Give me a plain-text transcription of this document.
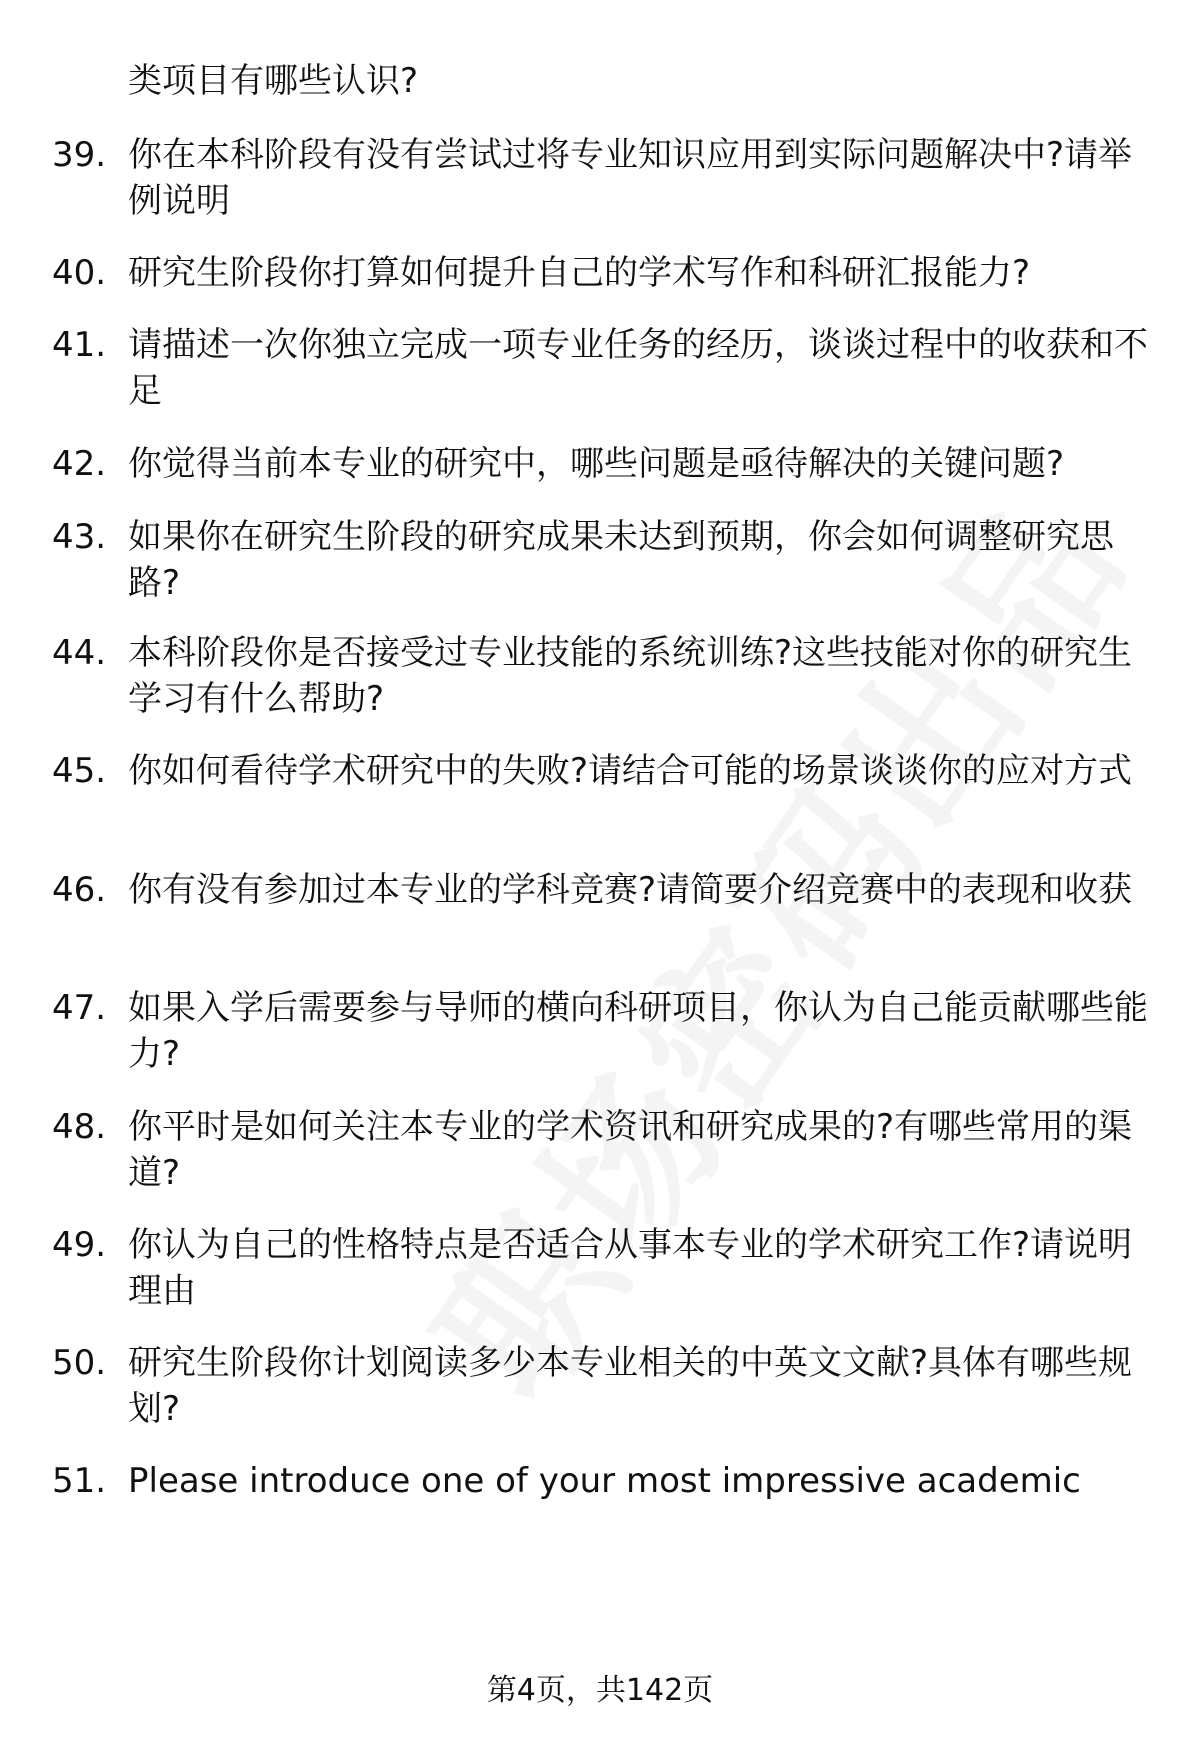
类项目有哪些认识?
39. 你在本科阶段有没有尝试过将专业知识应用到实际问题解决中?请举例说明
40. 研究生阶段你打算如何提升自己的学术写作和科研汇报能力?
41. 请描述一次你独立完成一项专业任务的经历，谈谈过程中的收获和不足
42. 你觉得当前本专业的研究中，哪些问题是亟待解决的关键问题?
43. 如果你在研究生阶段的研究成果未达到预期，你会如何调整研究思路?
44. 本科阶段你是否接受过专业技能的系统训练?这些技能对你的研究生学习有什么帮助?
45. 你如何看待学术研究中的失败?请结合可能的场景谈谈你的应对方式
46. 你有没有参加过本专业的学科竞赛?请简要介绍竞赛中的表现和收获
47. 如果入学后需要参与导师的横向科研项目，你认为自己能贡献哪些能力?
48. 你平时是如何关注本专业的学术资讯和研究成果的?有哪些常用的渠道?
49. 你认为自己的性格特点是否适合从事本专业的学术研究工作?请说明理由
50. 研究生阶段你计划阅读多少本专业相关的中英文文献?具体有哪些规划?
51. Please introduce one of your most impressive academic
第4页，共142页
